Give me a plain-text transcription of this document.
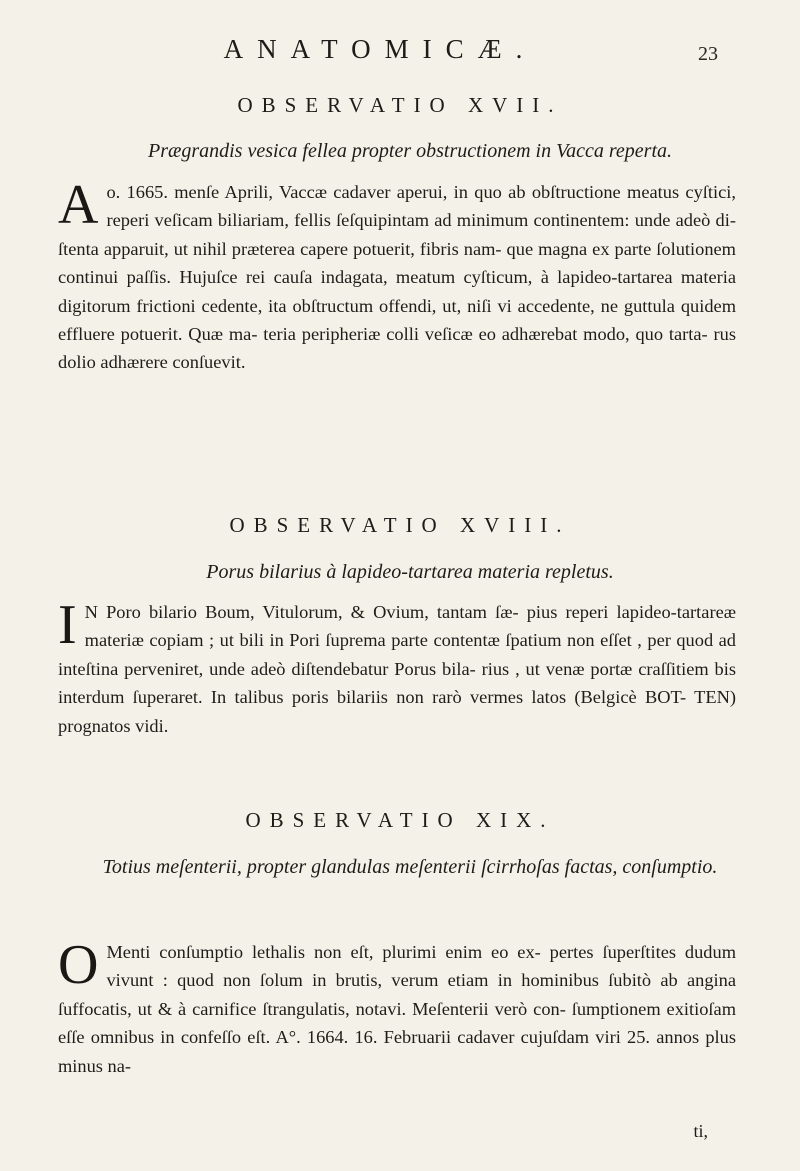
ANATOMICÆ.	23
OBSERVATIO XVII.
Prægrandis vesica fellea propter obstructionem in Vacca reperta.
A o. 1665. menſe Aprili, Vaccæ cadaver aperui, in quo ab obſtructione meatus cyſtici, reperi veſicam biliariam, fellis ſeſquipintam ad minimum continentem: unde adeò di- ſtenta apparuit, ut nihil præterea capere potuerit, fibris nam- que magna ex parte ſolutionem continui paſſis. Hujuſce rei cauſa indagata, meatum cyſticum, à lapideo-tartarea materia digitorum frictioni cedente, ita obſtructum offendi, ut, niſi vi accedente, ne guttula quidem effluere potuerit. Quæ ma- teria peripheriæ colli veſicæ eo adhærebat modo, quo tarta- rus dolio adhærere conſuevit.
OBSERVATIO XVIII.
Porus bilarius à lapideo-tartarea materia repletus.
I N Poro bilario Boum, Vitulorum, & Ovium, tantam ſæ- pius reperi lapideo-tartareæ materiæ copiam ; ut bili in Pori ſuprema parte contentæ ſpatium non eſſet , per quod ad inteſtina perveniret, unde adeò diſtendebatur Porus bila- rius , ut venæ portæ craſſitiem bis interdum ſuperaret. In talibus poris bilariis non rarò vermes latos (Belgicè BOT- TEN) prognatos vidi.
OBSERVATIO XIX.
Totius meſenterii, propter glandulas meſenterii ſcirrhoſas factas, conſumptio.
O Menti conſumptio lethalis non eſt, plurimi enim eo ex- pertes ſuperſtites dudum vivunt : quod non ſolum in brutis, verum etiam in hominibus ſubitò ab angina ſuffocatis, ut & à carnifice ſtrangulatis, notavi. Meſenterii verò con- ſumptionem exitioſam eſſe omnibus in confeſſo eſt. A°. 1664. 16. Februarii cadaver cujuſdam viri 25. annos plus minus na-
ti,
